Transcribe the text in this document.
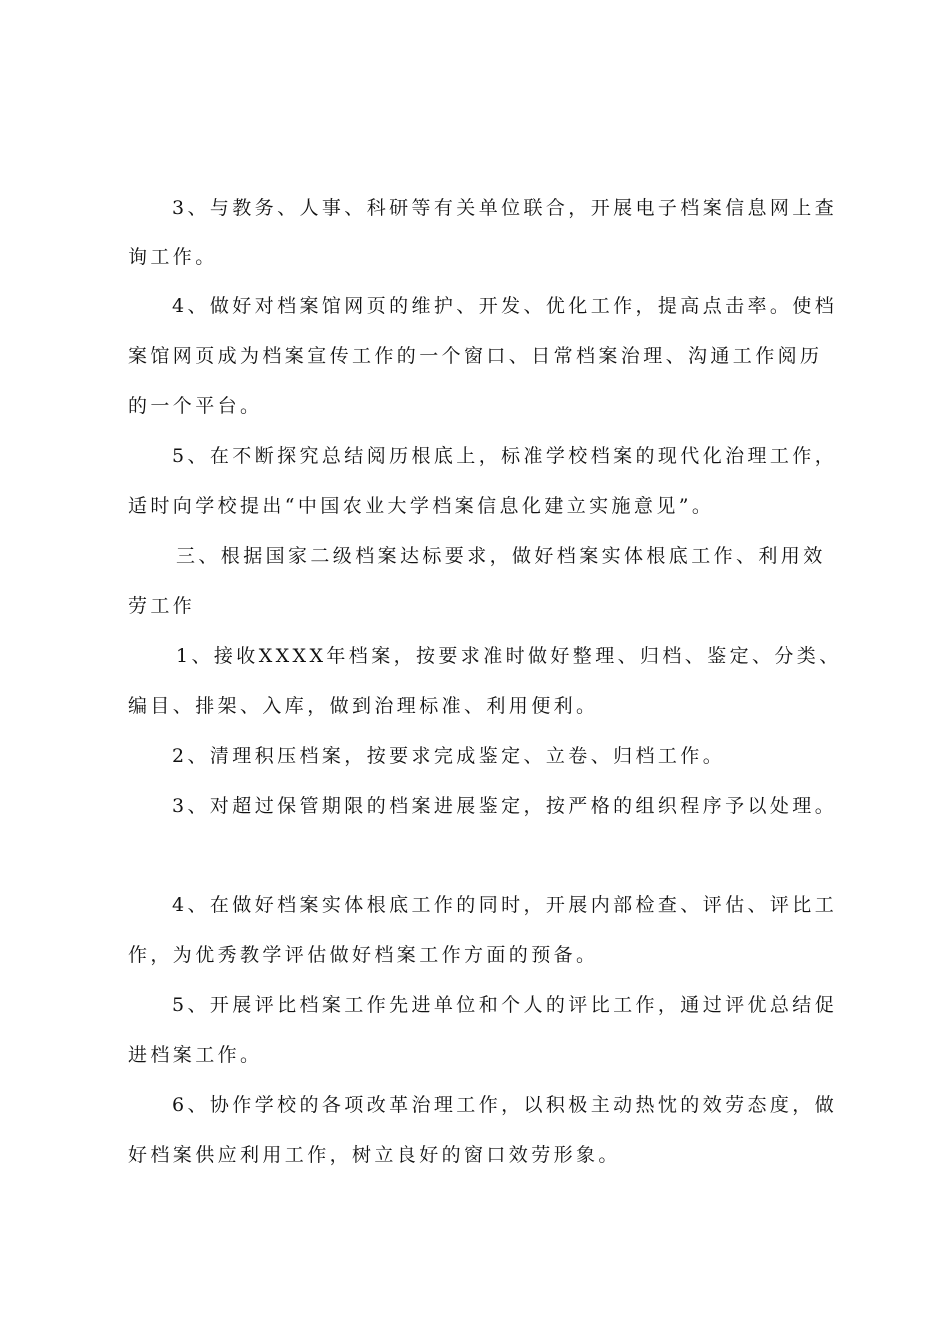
3、与教务、人事、科研等有关单位联合，开展电子档案信息网上查
询工作。
4、做好对档案馆网页的维护、开发、优化工作，提高点击率。使档
案馆网页成为档案宣传工作的一个窗口、日常档案治理、沟通工作阅历
的一个平台。
5、在不断探究总结阅历根底上，标准学校档案的现代化治理工作，
适时向学校提出“中国农业大学档案信息化建立实施意见”。
三、根据国家二级档案达标要求，做好档案实体根底工作、利用效
劳工作
1、接收XXXX年档案，按要求准时做好整理、归档、鉴定、分类、
编目、排架、入库，做到治理标准、利用便利。
2、清理积压档案，按要求完成鉴定、立卷、归档工作。
3、对超过保管期限的档案进展鉴定，按严格的组织程序予以处理。
4、在做好档案实体根底工作的同时，开展内部检查、评估、评比工
作，为优秀教学评估做好档案工作方面的预备。
5、开展评比档案工作先进单位和个人的评比工作，通过评优总结促
进档案工作。
6、协作学校的各项改革治理工作，以积极主动热忱的效劳态度，做
好档案供应利用工作，树立良好的窗口效劳形象。
